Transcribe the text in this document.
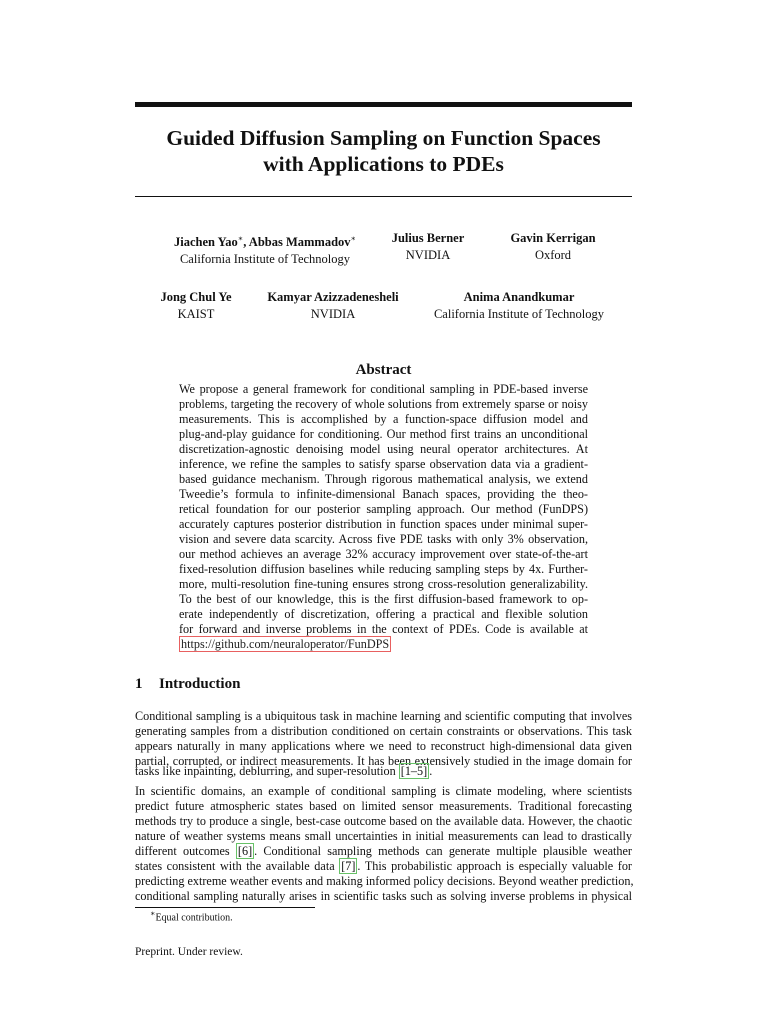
Guided Diffusion Sampling on Function Spaces
with Applications to PDEs
Jiachen Yao∗, Abbas Mammadov∗
California Institute of Technology
Julius Berner
NVIDIA
Gavin Kerrigan
Oxford
Jong Chul Ye
KAIST
Kamyar Azizzadenesheli
NVIDIA
Anima Anandkumar
California Institute of Technology
Abstract
We propose a general framework for conditional sampling in PDE-based inverse
problems, targeting the recovery of whole solutions from extremely sparse or noisy
measurements. This is accomplished by a function-space diffusion model and
plug-and-play guidance for conditioning. Our method first trains an unconditional
discretization-agnostic denoising model using neural operator architectures. At
inference, we refine the samples to satisfy sparse observation data via a gradient-
based guidance mechanism. Through rigorous mathematical analysis, we extend
Tweedie’s formula to infinite-dimensional Banach spaces, providing the theo-
retical foundation for our posterior sampling approach. Our method (FunDPS)
accurately captures posterior distribution in function spaces under minimal super-
vision and severe data scarcity. Across five PDE tasks with only 3% observation,
our method achieves an average 32% accuracy improvement over state-of-the-art
fixed-resolution diffusion baselines while reducing sampling steps by 4x. Further-
more, multi-resolution fine-tuning ensures strong cross-resolution generalizability.
To the best of our knowledge, this is the first diffusion-based framework to op-
erate independently of discretization, offering a practical and flexible solution
for forward and inverse problems in the context of PDEs. Code is available at
https://github.com/neuraloperator/FunDPS
1 Introduction
Conditional sampling is a ubiquitous task in machine learning and scientific computing that involves
generating samples from a distribution conditioned on certain constraints or observations. This task
appears naturally in many applications where we need to reconstruct high-dimensional data given
partial, corrupted, or indirect measurements. It has been extensively studied in the image domain for
tasks like inpainting, deblurring, and super-resolution [1–5] .
In scientific domains, an example of conditional sampling is climate modeling, where scientists
predict future atmospheric states based on limited sensor measurements. Traditional forecasting
methods try to produce a single, best-case outcome based on the available data. However, the chaotic
nature of weather systems means small uncertainties in initial measurements can lead to drastically
different outcomes [6] . Conditional sampling methods can generate multiple plausible weather
states consistent with the available data [7] . This probabilistic approach is especially valuable for
predicting extreme weather events and making informed policy decisions. Beyond weather prediction,
conditional sampling naturally arises in scientific tasks such as solving inverse problems in physical
∗Equal contribution.
Preprint. Under review.
